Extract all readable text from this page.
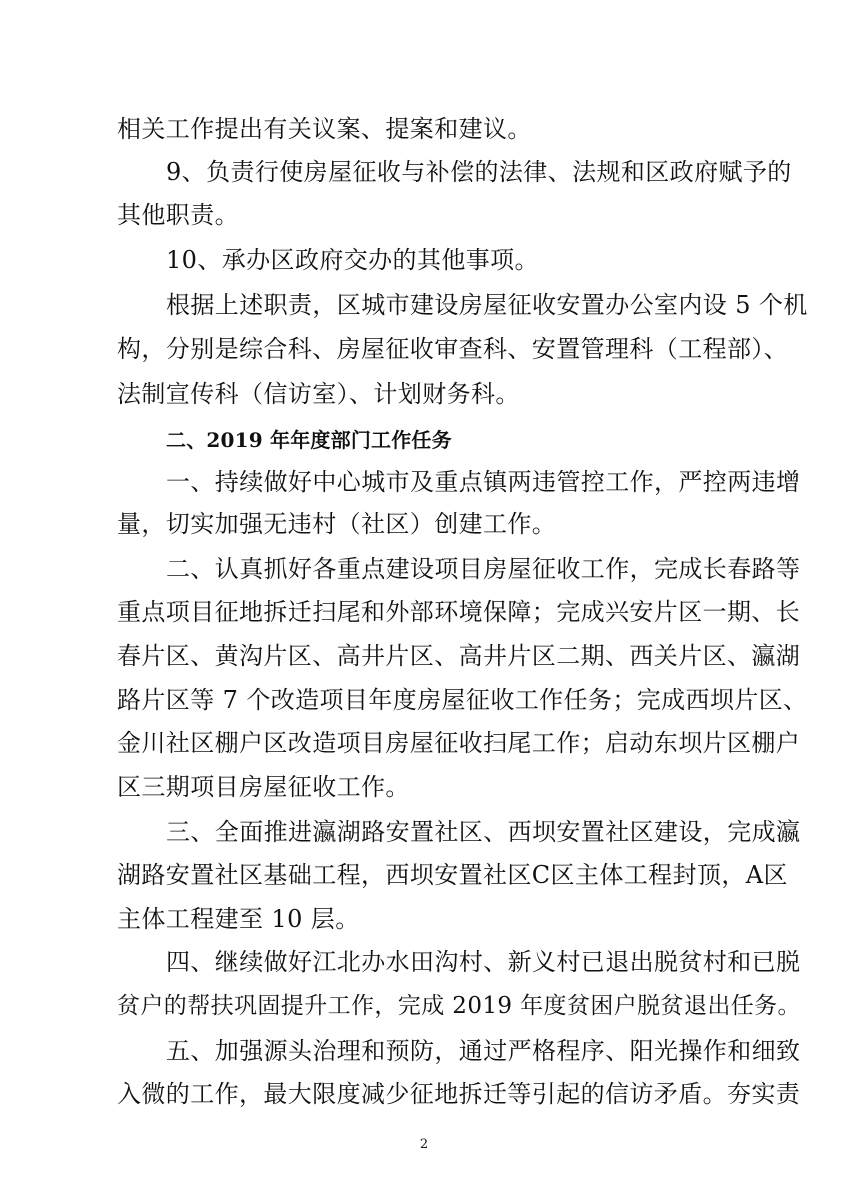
相关工作提出有关议案、提案和建议。
9、负责行使房屋征收与补偿的法律、法规和区政府赋予的
其他职责。
10、承办区政府交办的其他事项。
根据上述职责，区城市建设房屋征收安置办公室内设 5 个机
构，分别是综合科、房屋征收审查科、安置管理科（工程部）、
法制宣传科（信访室）、计划财务科。
二、2019 年年度部门工作任务
一、持续做好中心城市及重点镇两违管控工作，严控两违增
量，切实加强无违村（社区）创建工作。
二、认真抓好各重点建设项目房屋征收工作，完成长春路等
重点项目征地拆迁扫尾和外部环境保障；完成兴安片区一期、长
春片区、黄沟片区、高井片区、高井片区二期、西关片区、瀛湖
路片区等 7 个改造项目年度房屋征收工作任务；完成西坝片区、
金川社区棚户区改造项目房屋征收扫尾工作；启动东坝片区棚户
区三期项目房屋征收工作。
三、全面推进瀛湖路安置社区、西坝安置社区建设，完成瀛
湖路安置社区基础工程，西坝安置社区C区主体工程封顶，A区
主体工程建至 10 层。
四、继续做好江北办水田沟村、新义村已退出脱贫村和已脱
贫户的帮扶巩固提升工作，完成 2019 年度贫困户脱贫退出任务。
五、加强源头治理和预防，通过严格程序、阳光操作和细致
入微的工作，最大限度减少征地拆迁等引起的信访矛盾。夯实责
2
